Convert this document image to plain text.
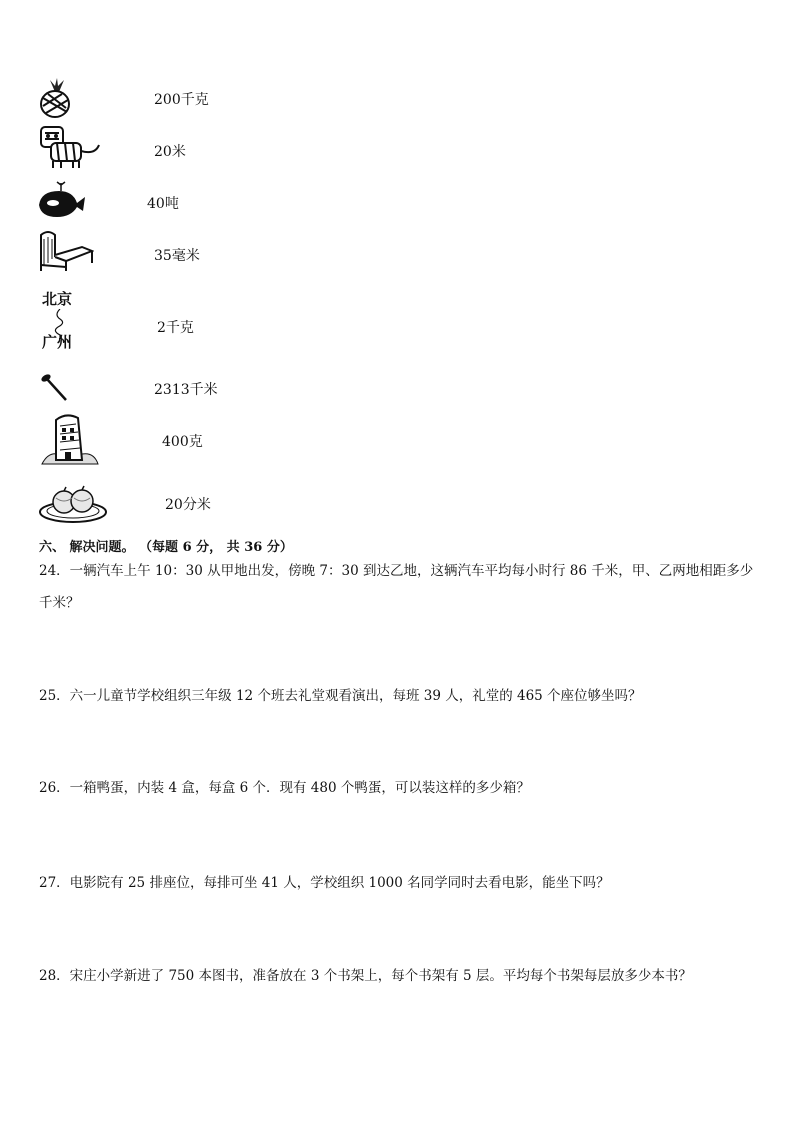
200千克
20米
40吨
35毫米
北京
广州
2千克
2313千米
400克
20分米
六、 解决问题。 （每题 6 分， 共 36 分）
24．一辆汽车上午 10：30 从甲地出发，傍晚 7：30 到达乙地，这辆汽车平均每小时行 86 千米，甲、乙两地相距多少千米？
25．六一儿童节学校组织三年级 12 个班去礼堂观看演出，每班 39 人，礼堂的 465 个座位够坐吗？
26．一箱鸭蛋，内装 4 盒，每盒 6 个．现有 480 个鸭蛋，可以装这样的多少箱？
27．电影院有 25 排座位，每排可坐 41 人，学校组织 1000 名同学同时去看电影，能坐下吗？
28．宋庄小学新进了 750 本图书，准备放在 3 个书架上，每个书架有 5 层。平均每个书架每层放多少本书？
